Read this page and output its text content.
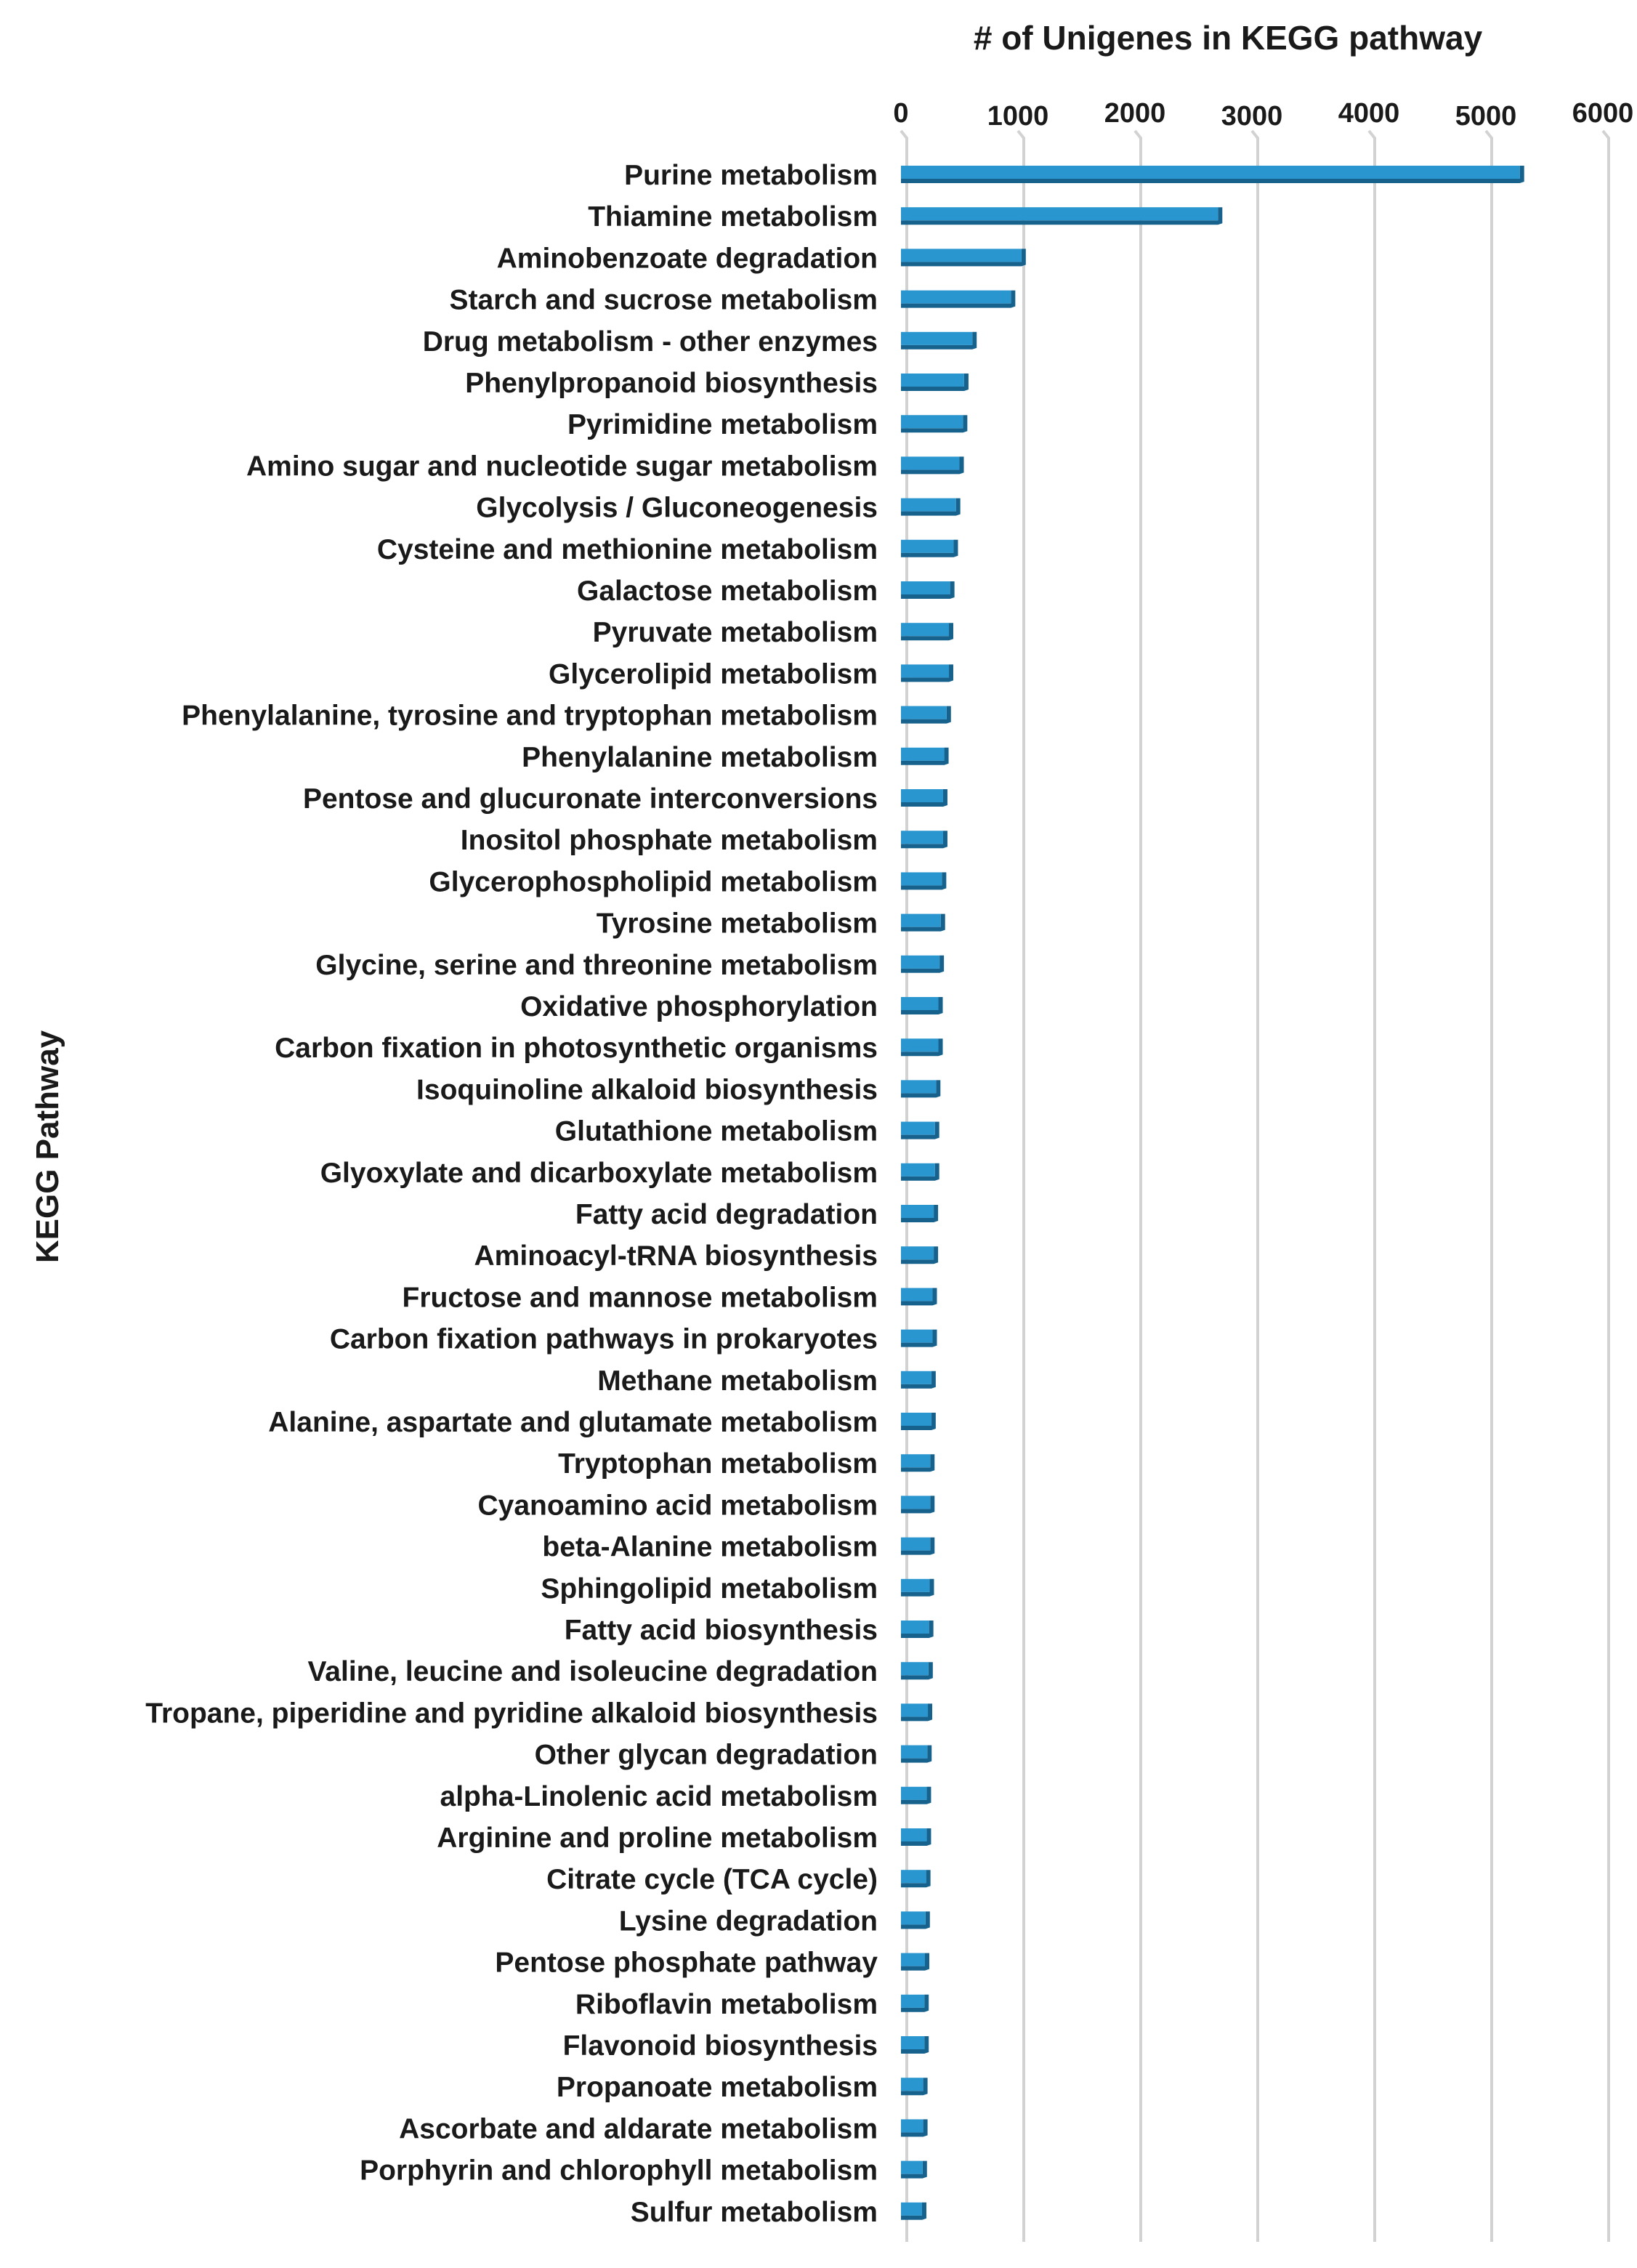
Purine metabolism
Thiamine metabolism
Aminobenzoate degradation
Starch and sucrose metabolism
Drug metabolism - other enzymes
Phenylpropanoid biosynthesis
Pyrimidine metabolism
Amino sugar and nucleotide sugar metabolism
Glycolysis / Gluconeogenesis
Cysteine and methionine metabolism
Galactose metabolism
Pyruvate metabolism
Glycerolipid metabolism
Phenylalanine, tyrosine and tryptophan metabolism
Phenylalanine metabolism
Pentose and glucuronate interconversions
Inositol phosphate metabolism
Glycerophospholipid metabolism
Tyrosine metabolism
Glycine, serine and threonine metabolism
Oxidative phosphorylation
Carbon fixation in photosynthetic organisms
Isoquinoline alkaloid biosynthesis
Glutathione metabolism
Glyoxylate and dicarboxylate metabolism
Fatty acid degradation
Aminoacyl-tRNA biosynthesis
Fructose and mannose metabolism
Carbon fixation pathways in prokaryotes
Methane metabolism
Alanine, aspartate and glutamate metabolism
Tryptophan metabolism
Cyanoamino acid metabolism
beta-Alanine metabolism
Sphingolipid metabolism
Fatty acid biosynthesis
Valine, leucine and isoleucine degradation
Tropane, piperidine and pyridine alkaloid biosynthesis
Other glycan degradation
alpha-Linolenic acid metabolism
Arginine and proline metabolism
Citrate cycle (TCA cycle)
Lysine degradation
Pentose phosphate pathway
Riboflavin metabolism
Flavonoid biosynthesis
Propanoate metabolism
Ascorbate and aldarate metabolism
Porphyrin and chlorophyll metabolism
Sulfur metabolism
0	1000 2000 3000 4000 5000 6000
# of Unigenes in KEGG pathway
KEGG Pathway
